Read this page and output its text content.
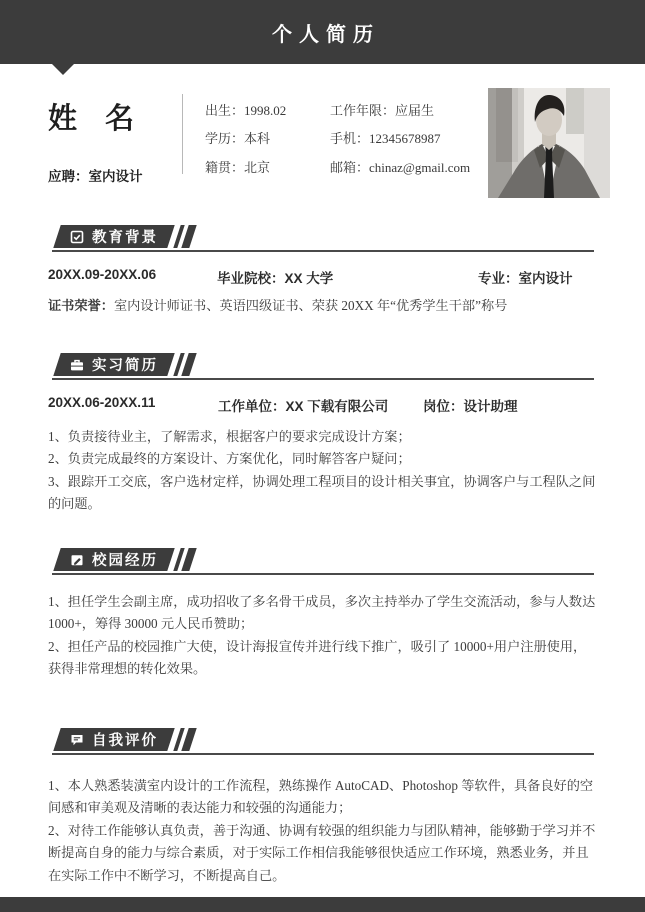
个人简历
姓 名
应聘：室内设计
出生：1998.02	工作年限：应届生
学历：本科	手机：12345678987
籍贯：北京	邮箱：chinaz@gmail.com
教育背景
20XX.09-20XX.06	毕业院校：XX 大学	专业：室内设计
证书荣誉：室内设计师证书、英语四级证书、荣获 20XX 年“优秀学生干部”称号
实习简历
20XX.06-20XX.11	工作单位：XX 下载有限公司	岗位：设计助理
1、负责接待业主，了解需求，根据客户的要求完成设计方案；
2、负责完成最终的方案设计、方案优化，同时解答客户疑问；
3、跟踪开工交底，客户选材定样，协调处理工程项目的设计相关事宜，协调客户与工程队之间的问题。
校园经历
1、担任学生会副主席，成功招收了多名骨干成员，多次主持举办了学生交流活动，参与人数达 1000+，筹得 30000 元人民币赞助；
2、担任产品的校园推广大使，设计海报宣传并进行线下推广，吸引了 10000+用户注册使用，获得非常理想的转化效果。
自我评价
1、本人熟悉装潢室内设计的工作流程，熟练操作 AutoCAD、Photoshop 等软件，具备良好的空间感和审美观及清晰的表达能力和较强的沟通能力；
2、对待工作能够认真负责，善于沟通、协调有较强的组织能力与团队精神，能够勤于学习并不断提高自身的能力与综合素质，对于实际工作相信我能够很快适应工作环境，熟悉业务，并且在实际工作中不断学习，不断提高自己。
